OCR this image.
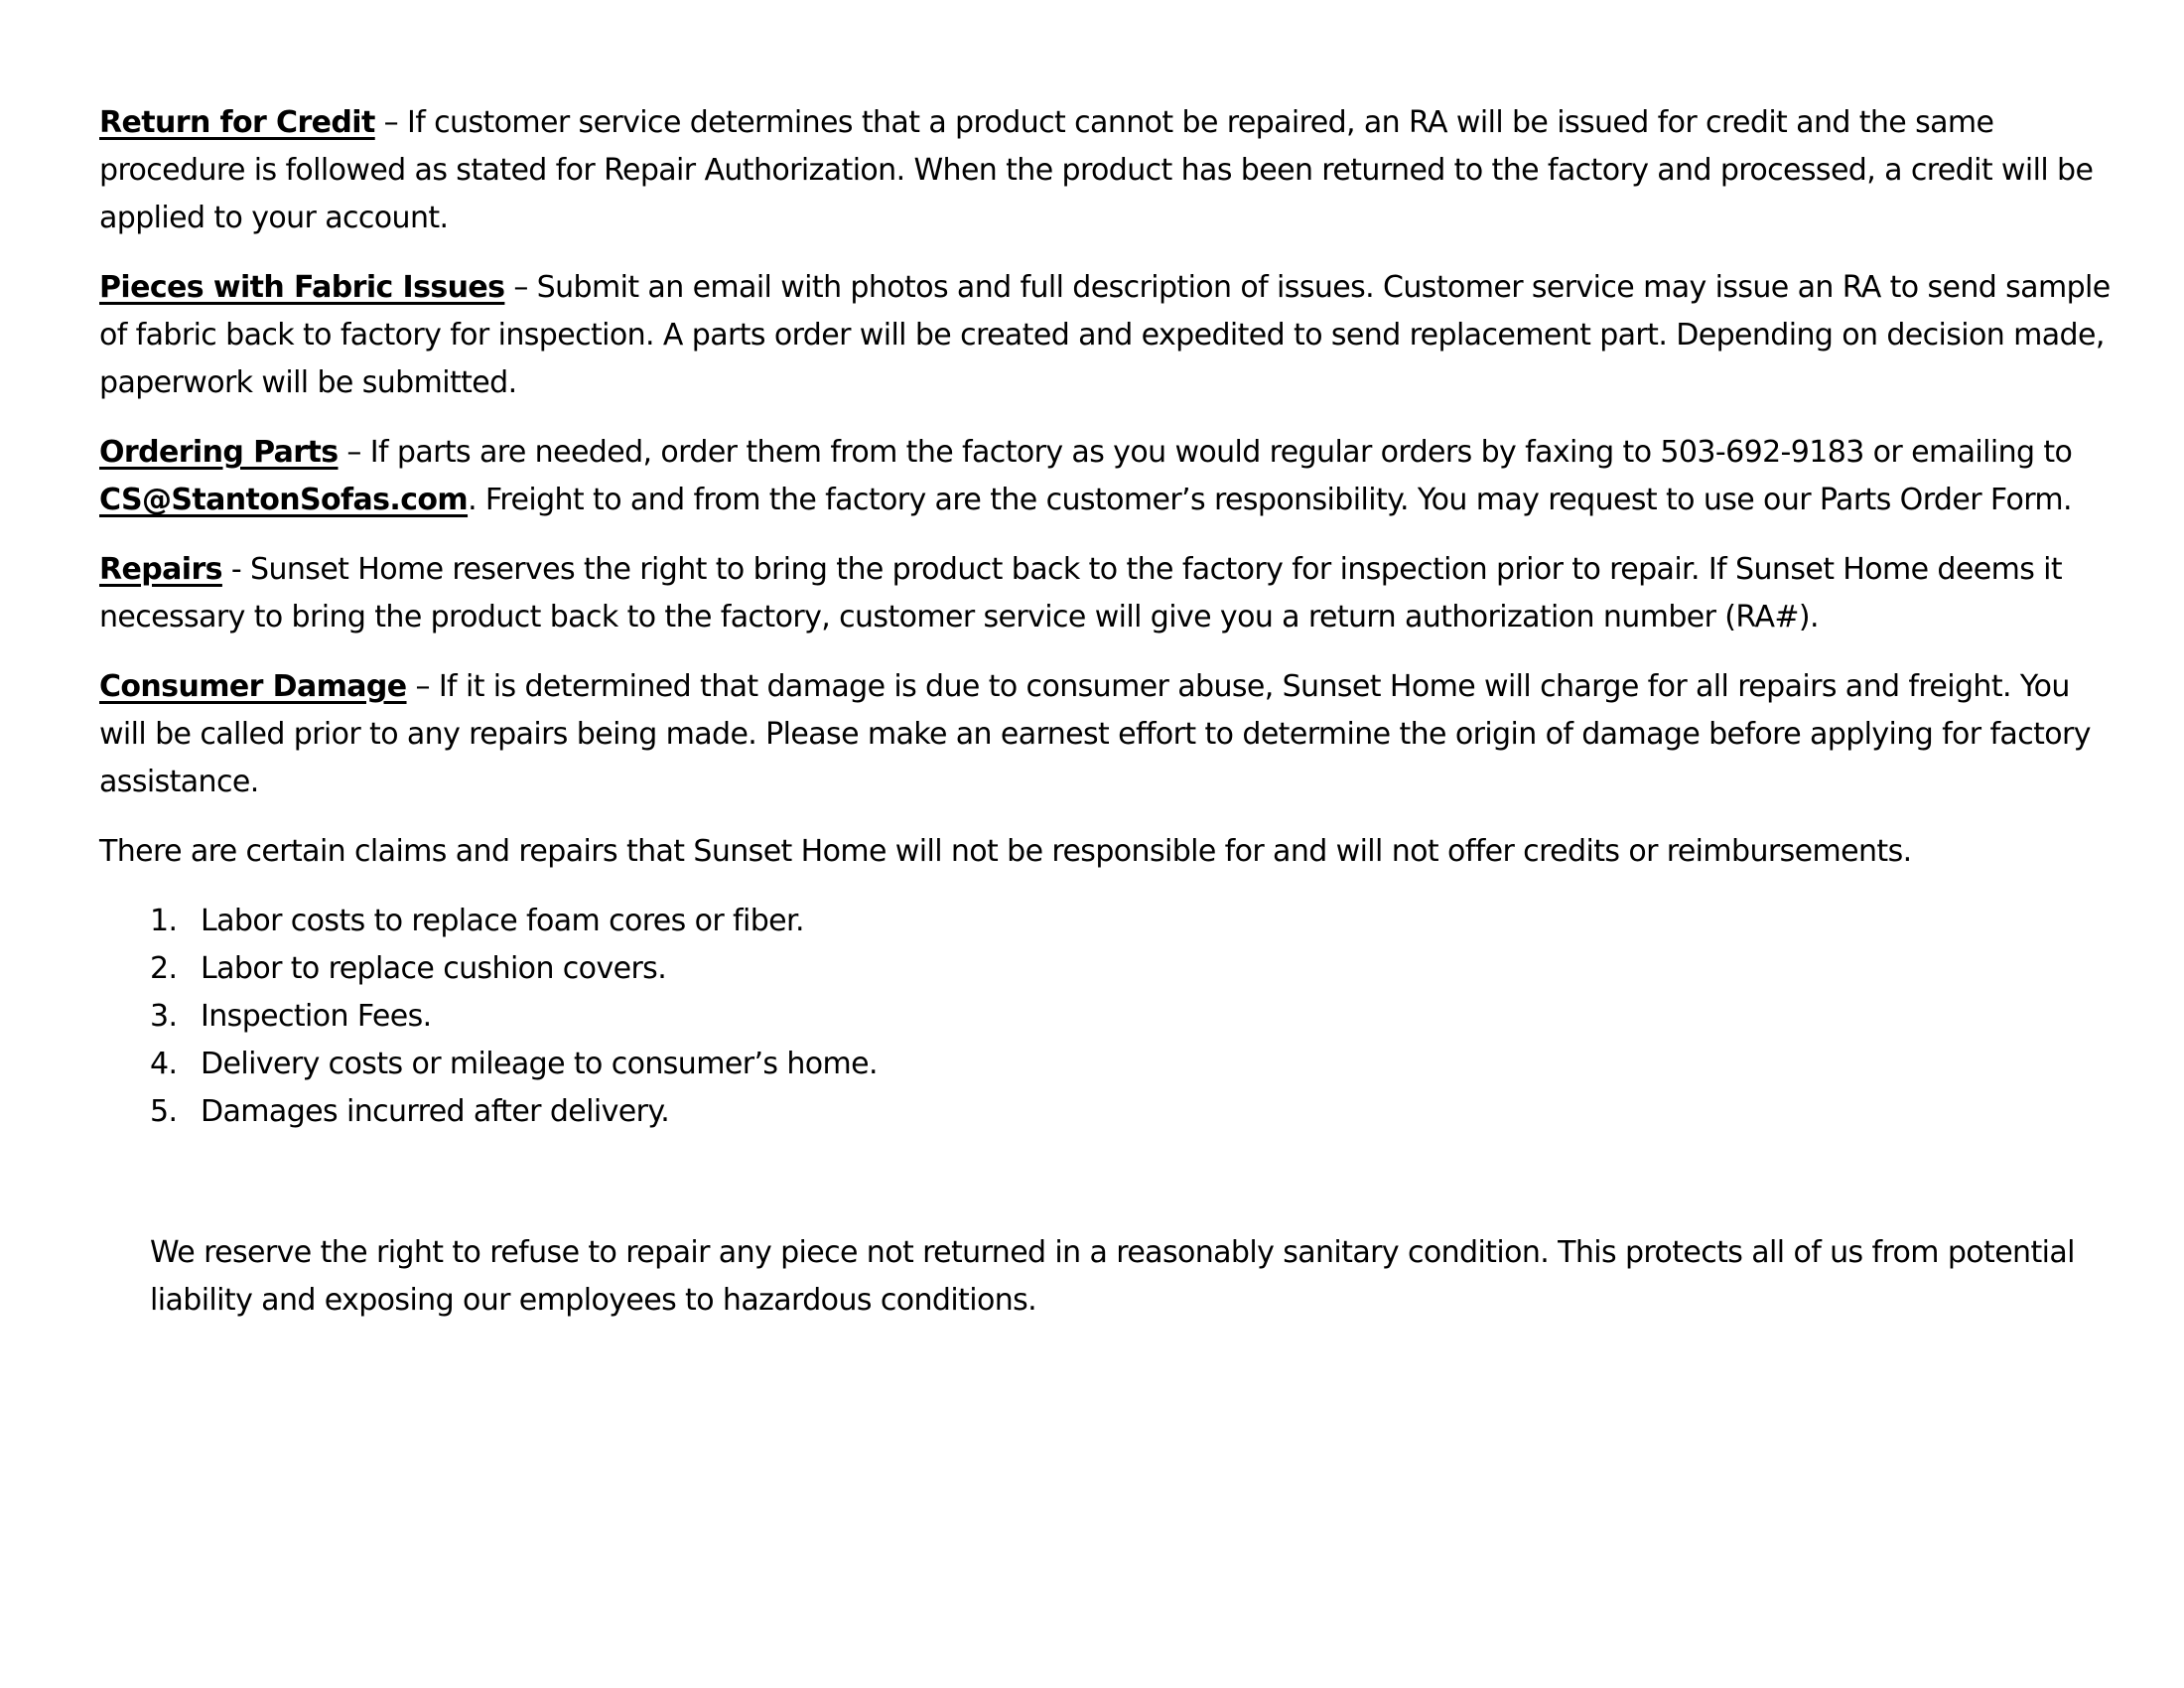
Return for Credit – If customer service determines that a product cannot be repaired, an RA will be issued for credit and the same procedure is followed as stated for Repair Authorization. When the product has been returned to the factory and processed, a credit will be applied to your account.

Pieces with Fabric Issues – Submit an email with photos and full description of issues. Customer service may issue an RA to send sample of fabric back to factory for inspection. A parts order will be created and expedited to send replacement part. Depending on decision made, paperwork will be submitted.

Ordering Parts – If parts are needed, order them from the factory as you would regular orders by faxing to 503-692-9183 or emailing to CS@StantonSofas.com. Freight to and from the factory are the customer’s responsibility. You may request to use our Parts Order Form.

Repairs - Sunset Home reserves the right to bring the product back to the factory for inspection prior to repair. If Sunset Home deems it necessary to bring the product back to the factory, customer service will give you a return authorization number (RA#).

Consumer Damage – If it is determined that damage is due to consumer abuse, Sunset Home will charge for all repairs and freight. You will be called prior to any repairs being made. Please make an earnest effort to determine the origin of damage before applying for factory assistance.

There are certain claims and repairs that Sunset Home will not be responsible for and will not offer credits or reimbursements.

1. Labor costs to replace foam cores or fiber.
2. Labor to replace cushion covers.
3. Inspection Fees.
4. Delivery costs or mileage to consumer’s home.
5. Damages incurred after delivery.

We reserve the right to refuse to repair any piece not returned in a reasonably sanitary condition. This protects all of us from potential liability and exposing our employees to hazardous conditions.
